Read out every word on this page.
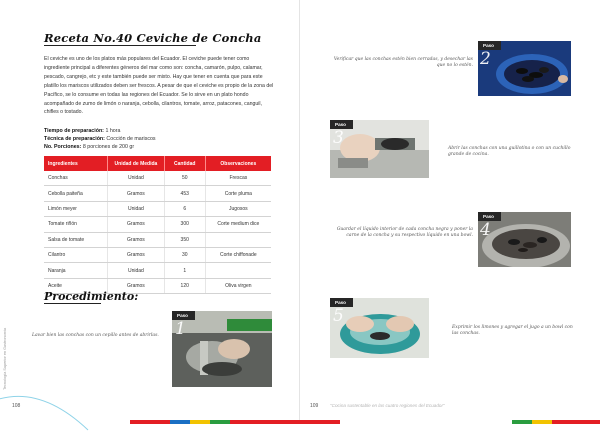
Receta No.40 Ceviche de Concha
El ceviche es uno de los platos más populares del Ecuador. El ceviche puede tener como ingrediente principal a diferentes géneros del mar como son: concha, camarón, pulpo, calamar, pescado, cangrejo, etc y este también puede ser mixto. Hay que tener en cuenta que para este platillo los mariscos utilizados deben ser frescos. A pesar de que el ceviche es propio de la zona del Pacífico, se lo consume en todas las regiones del Ecuador. Se lo sirve en un plato hondo acompañado de zumo de limón o naranja, cebolla, cilantros, tomate, arroz, patacones, canguil, chifles o tostado.
Tiempo de preparación: 1 hora
Técnica de preparación: Cocción de mariscos
No. Porciones: 8 porciones de 200 gr
Ingredientes	Unidad de Medida	Cantidad	Observaciones
Conchas	Unidad	50	Frescas
Cebolla paiteña	Gramos	453	Corte pluma
Limón meyer	Unidad	6	Jugosos
Tomate riñón	Gramos	300	Corte medium dice
Salsa de tomate	Gramos	350	
Cilantro	Gramos	30	Corte chiffonade
Naranja	Unidad	1	
Aceite	Gramos	120	Oliva virgen
Procedimiento:
Lavar bien las conchas con un cepillo antes de abrirlas.
Paso
1
Tecnología Superior en Gastronomía
108
Verificar que las conchas estén bien cerradas, y desechar las que no lo estén.
Paso
2
Paso
3
Abrir las conchas con una guillotina o con un cuchillo grande de cocina.
Guardar el líquido interior de cada concha negra y poner la carne de la concha y su respectivo líquido en una bowl.
Paso
4
Paso
5
Exprimir los limones y agregar el jugo a un bowl con las conchas.
109	"Cocina sustentable en las cuatro regiones del Ecuador"
